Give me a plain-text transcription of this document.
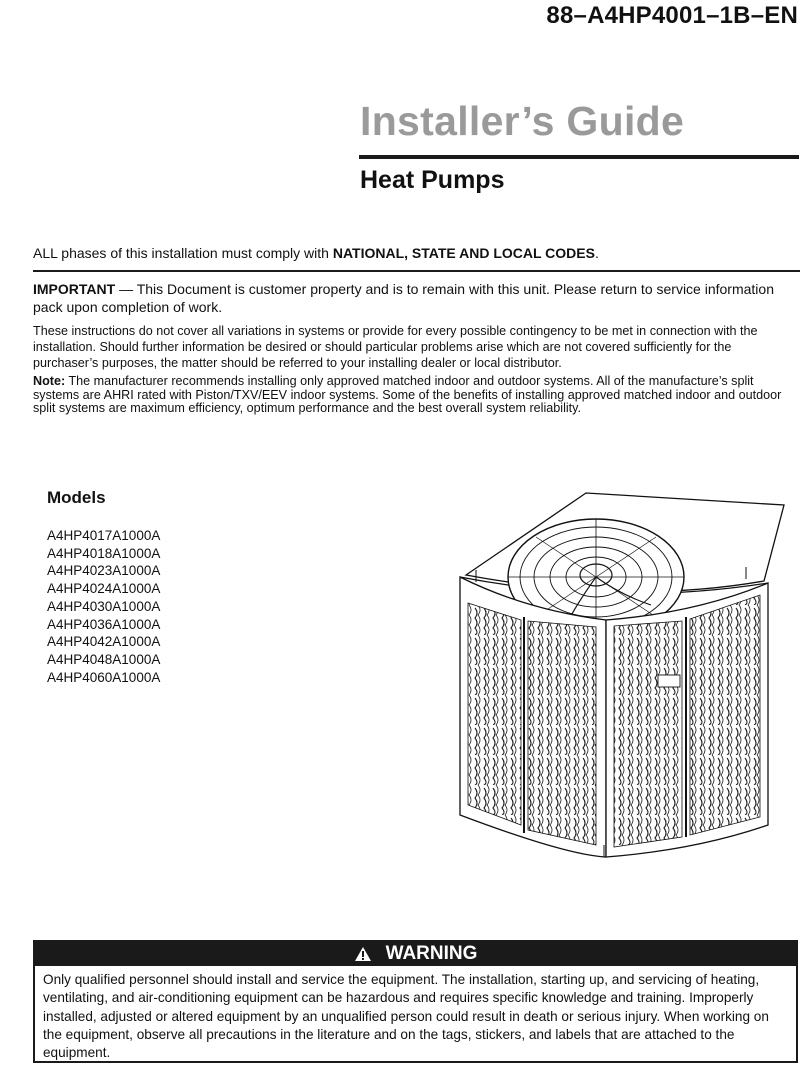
88–A4HP4001–1B–EN
Installer’s Guide
Heat Pumps
ALL phases of this installation must comply with NATIONAL, STATE AND LOCAL CODES.
IMPORTANT — This Document is customer property and is to remain with this unit. Please return to service information pack upon completion of work.
These instructions do not cover all variations in systems or provide for every possible contingency to be met in connection with the installation. Should further information be desired or should particular problems arise which are not covered sufficiently for the purchaser’s purposes, the matter should be referred to your installing dealer or local distributor.
Note: The manufacturer recommends installing only approved matched indoor and outdoor systems. All of the manufacture’s split systems are AHRI rated with Piston/TXV/EEV indoor systems. Some of the benefits of installing approved matched indoor and outdoor split systems are maximum efficiency, optimum performance and the best overall system reliability.
Models
A4HP4017A1000A
A4HP4018A1000A
A4HP4023A1000A
A4HP4024A1000A
A4HP4030A1000A
A4HP4036A1000A
A4HP4042A1000A
A4HP4048A1000A
A4HP4060A1000A
WARNING
Only qualified personnel should install and service the equipment. The installation, starting up, and servicing of heating, ventilating, and air-conditioning equipment can be hazardous and requires specific knowledge and training. Improperly installed, adjusted or altered equipment by an unqualified person could result in death or serious injury. When working on the equipment, observe all precautions in the literature and on the tags, stickers, and labels that are attached to the equipment.
